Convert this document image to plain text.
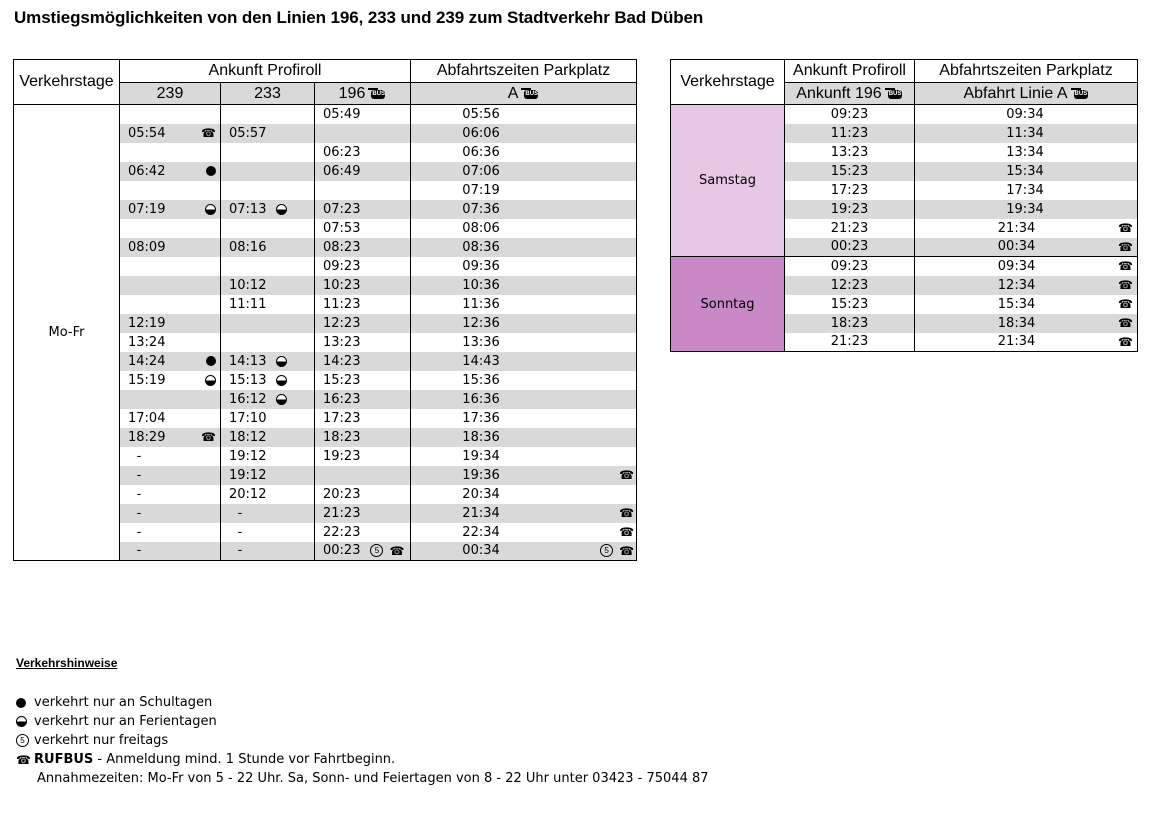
Umstiegsmöglichkeiten von den Linien 196, 233 und 239 zum Stadtverkehr Bad Düben
Verkehrstage	Ankunft Profiroll			Abfahrtszeiten Parkplatz
	239	233	196 BUS	A BUS

Mo-Fr			05:49	05:56

	05:54 ☎	05:57		06:06

			06:23	06:36

	06:42		06:49	07:06

				07:19

	07:19	07:13	07:23	07:36

			07:53	08:06

	08:09	08:16	08:23	08:36

			09:23	09:36

		10:12	10:23	10:36

		11:11	11:23	11:36

	12:19		12:23	12:36

	13:24		13:23	13:36

	14:24	14:13	14:23	14:43

	15:19	15:13	15:23	15:36

		16:12	16:23	16:36

	17:04	17:10	17:23	17:36

	18:29 ☎	18:12	18:23	18:36

	-	19:12	19:23	19:34

	-	19:12		19:36 ☎

	-	20:12	20:23	20:34

	-	-	21:23	21:34 ☎

	-	-	22:23	22:34 ☎

	-	-	00:23 5 ☎	00:34 5 ☎
Verkehrstage	Ankunft Profiroll	Abfahrtszeiten Parkplatz
	Ankunft 196 BUS	Abfahrt Linie A BUS

Samstag	09:23	09:34

	11:23	11:34

	13:23	13:34

	15:23	15:34

	17:23	17:34

	19:23	19:34

	21:23	21:34 ☎

	00:23	00:34 ☎

Sonntag	09:23	09:34 ☎

	12:23	12:34 ☎

	15:23	15:34 ☎

	18:23	18:34 ☎

	21:23	21:34 ☎
Verkehrshinweise
verkehrt nur an Schultagen
verkehrt nur an Ferientagen
5 verkehrt nur freitags
☎ RUFBUS - Anmeldung mind. 1 Stunde vor Fahrtbeginn.
Annahmezeiten: Mo-Fr von 5 - 22 Uhr. Sa, Sonn- und Feiertagen von 8 - 22 Uhr unter 03423 - 75044 87
